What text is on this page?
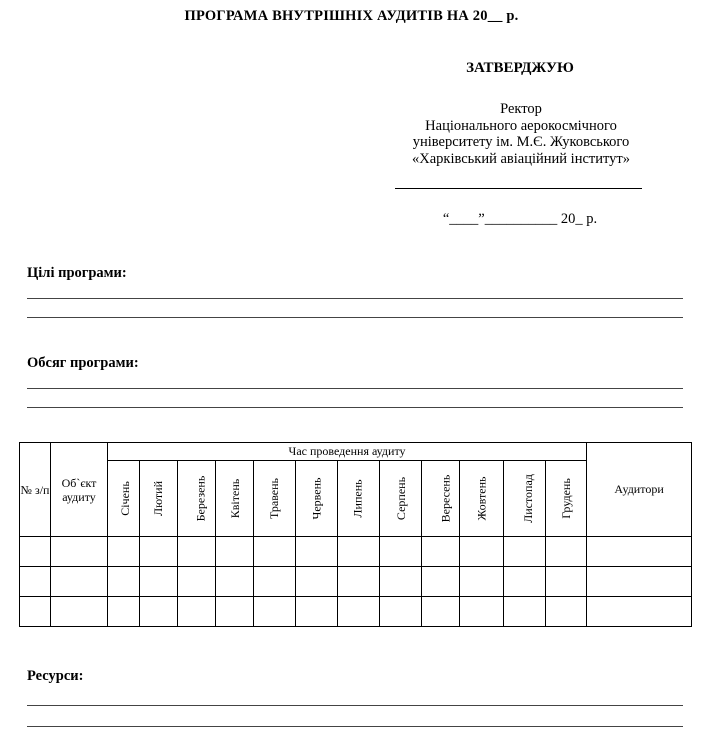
ПРОГРАМА ВНУТРІШНІХ АУДИТІВ НА 20__ р.
ЗАТВЕРДЖУЮ
Ректор
Національного аерокосмічного
університету ім. М.Є. Жуковського
«Харківський авіаційний інститут»
“____”__________ 20_ р.
Цілі програми:
Обсяг програми:
№ з/п	Об`єкт аудиту	Час проведення аудиту												Аудитори
		Січень	Лютий	Березень	Квітень	Травень	Червень	Липень	Серпень	Вересень	Жовтень	Листопад	Грудень	

Ресурси:
